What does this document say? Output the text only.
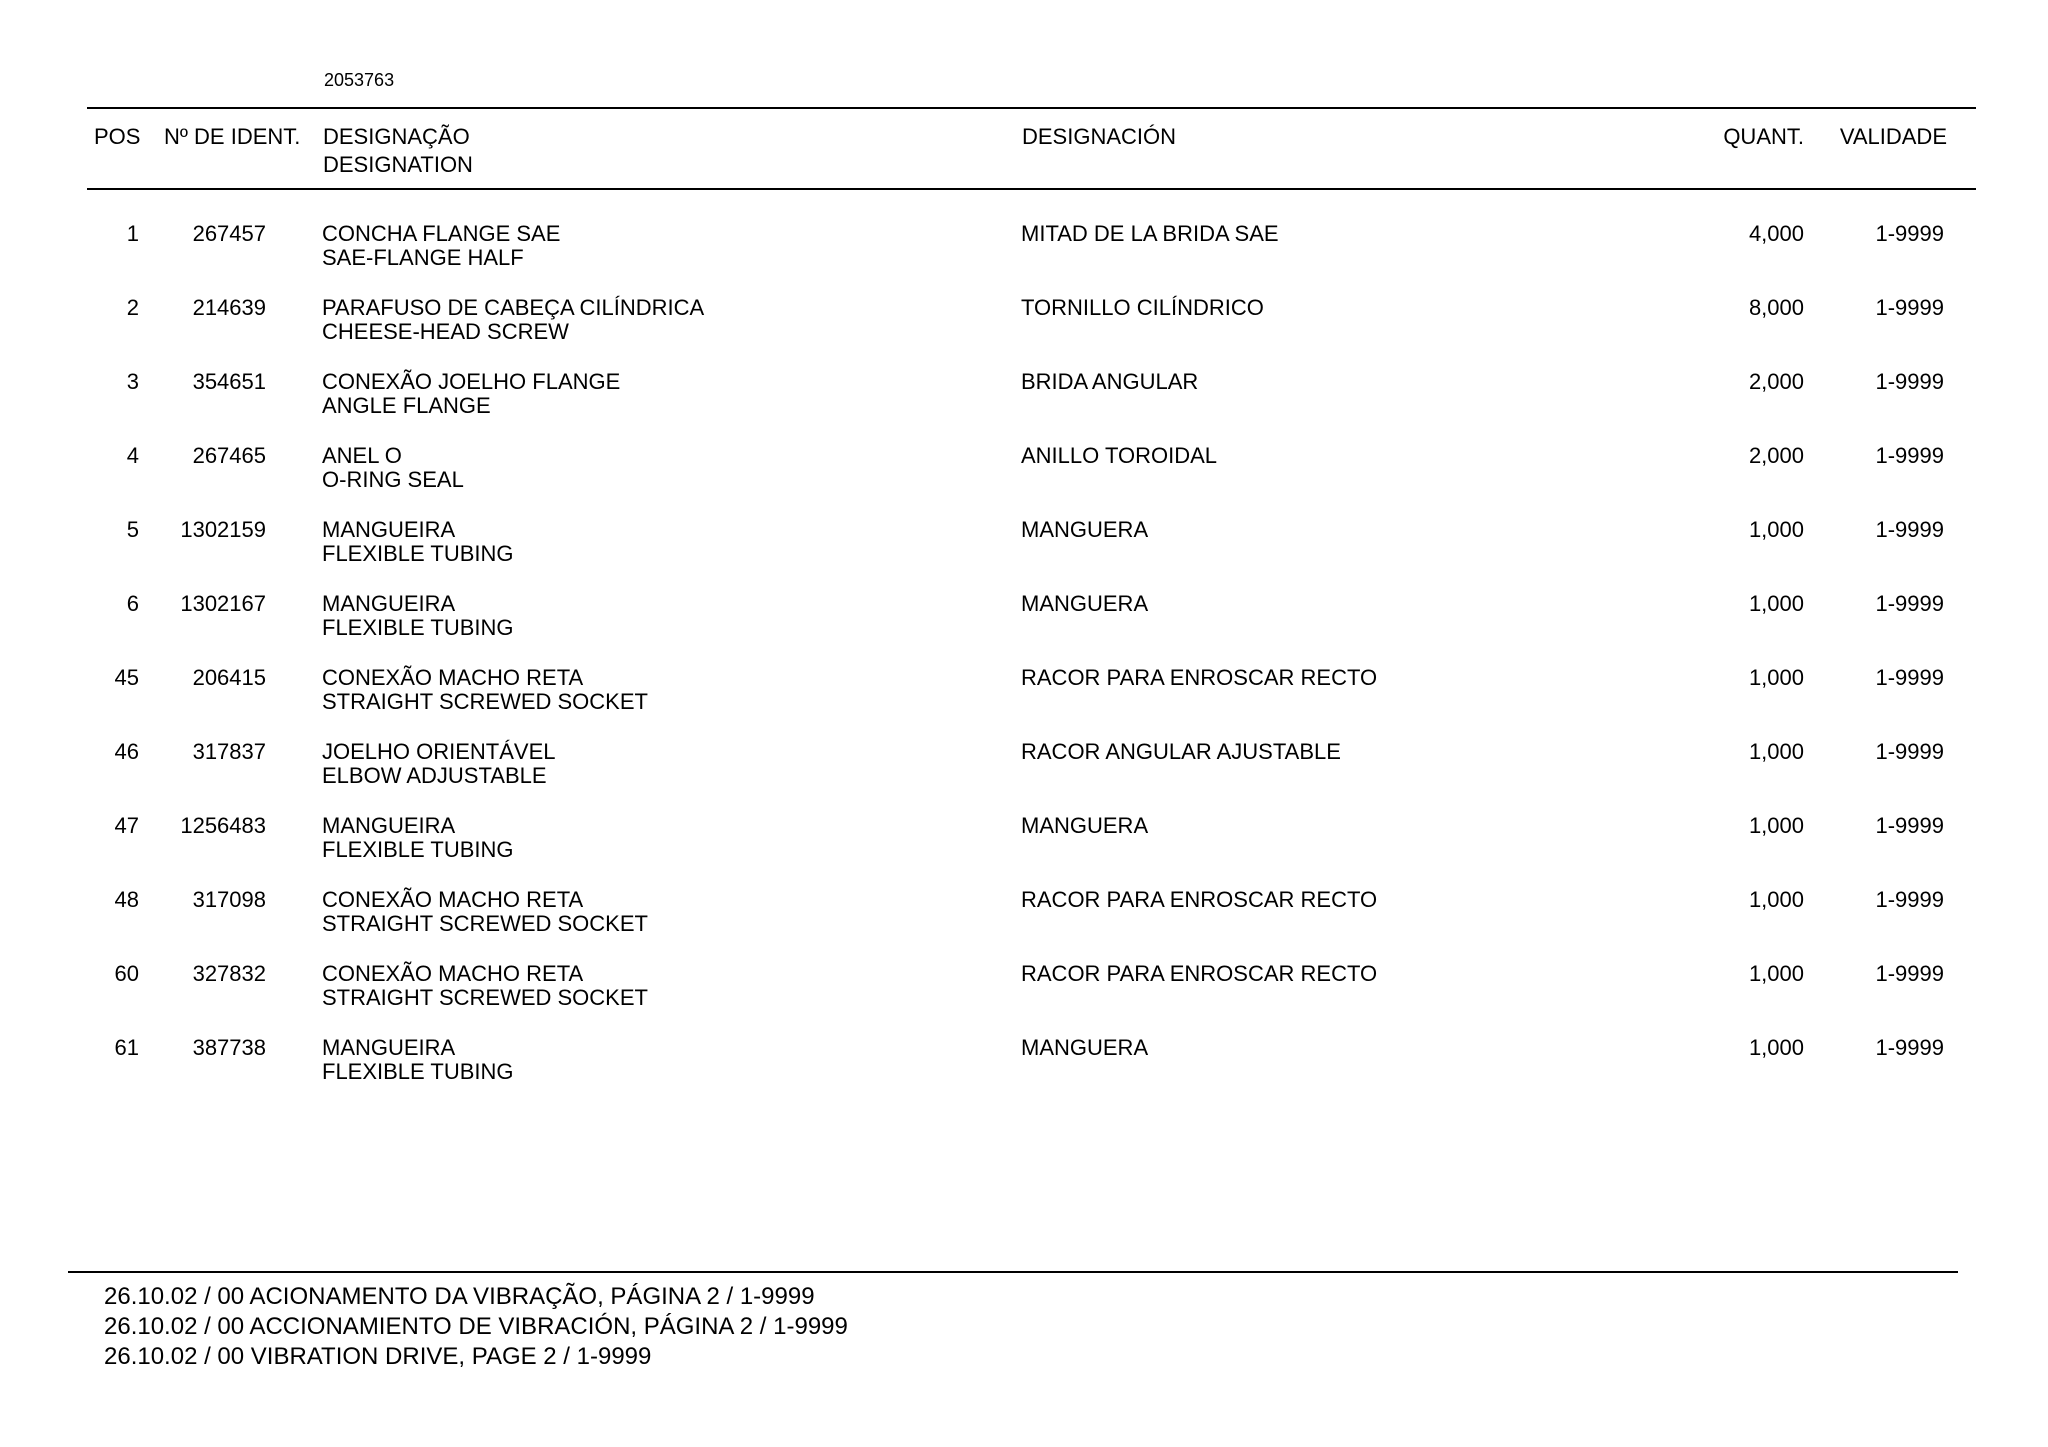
2053763
POS Nº DE IDENT. DESIGNAÇÃO
DESIGNATION
DESIGNACIÓN	QUANT. VALIDADE
1 267457	CONCHA FLANGE SAE
SAE-FLANGE HALF
MITAD DE LA BRIDA SAE	4,000	1-9999
2 214639	PARAFUSO DE CABEÇA CILÍNDRICA
CHEESE-HEAD SCREW
TORNILLO CILÍNDRICO	8,000	1-9999
3 354651	CONEXÃO JOELHO FLANGE
ANGLE FLANGE
BRIDA ANGULAR	2,000	1-9999
4 267465	ANEL O
O-RING SEAL
ANILLO TOROIDAL	2,000	1-9999
5 1302159	MANGUEIRA
FLEXIBLE TUBING
MANGUERA	1,000	1-9999
6 1302167	MANGUEIRA
FLEXIBLE TUBING
MANGUERA	1,000	1-9999
45 206415	CONEXÃO MACHO RETA
STRAIGHT SCREWED SOCKET
RACOR PARA ENROSCAR RECTO	1,000	1-9999
46 317837	JOELHO ORIENTÁVEL
ELBOW ADJUSTABLE
RACOR ANGULAR AJUSTABLE	1,000	1-9999
47 1256483	MANGUEIRA
FLEXIBLE TUBING
MANGUERA	1,000	1-9999
48 317098	CONEXÃO MACHO RETA
STRAIGHT SCREWED SOCKET
RACOR PARA ENROSCAR RECTO	1,000	1-9999
60 327832	CONEXÃO MACHO RETA
STRAIGHT SCREWED SOCKET
RACOR PARA ENROSCAR RECTO	1,000	1-9999
61 387738	MANGUEIRA
FLEXIBLE TUBING
MANGUERA	1,000	1-9999
26.10.02 / 00 ACIONAMENTO DA VIBRAÇÃO, PÁGINA 2 / 1-9999
26.10.02 / 00 ACCIONAMIENTO DE VIBRACIÓN, PÁGINA 2 / 1-9999
26.10.02 / 00 VIBRATION DRIVE, PAGE 2 / 1-9999
